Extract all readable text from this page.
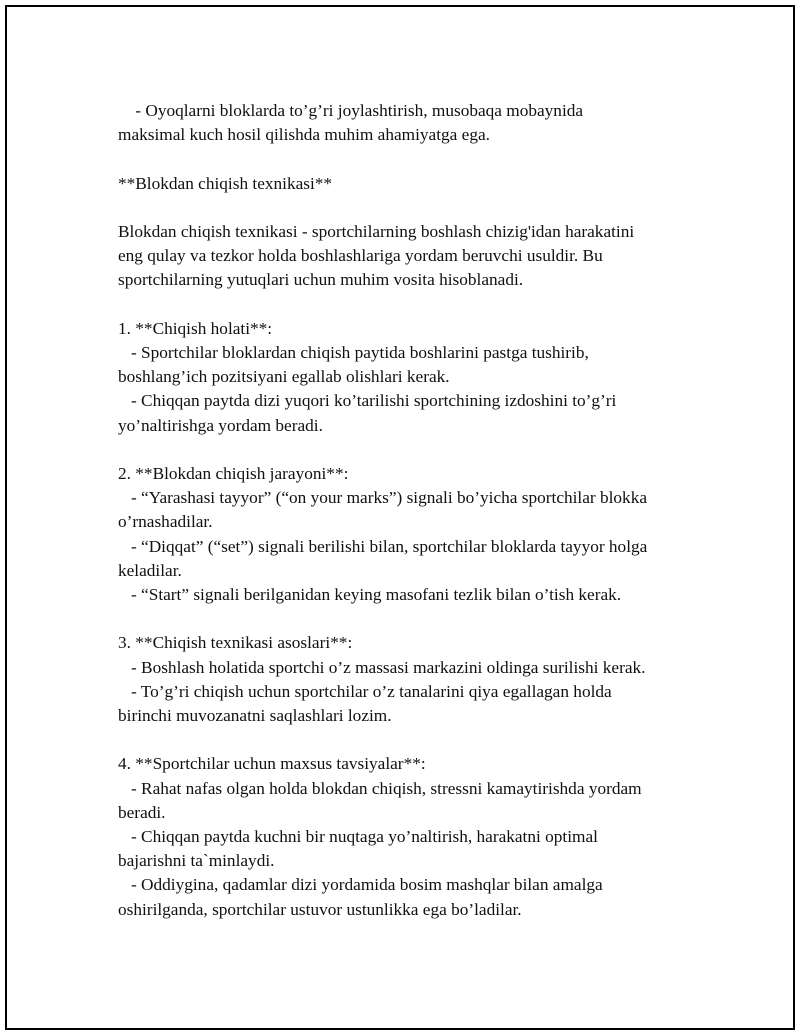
- Oyoqlarni bloklarda to’g’ri joylashtirish, musobaqa mobaynida
maksimal kuch hosil qilishda muhim ahamiyatga ega.
**Blokdan chiqish texnikasi**
Blokdan chiqish texnikasi - sportchilarning boshlash chizig'idan harakatini
eng qulay va tezkor holda boshlashlariga yordam beruvchi usuldir. Bu
sportchilarning yutuqlari uchun muhim vosita hisoblanadi.
1. **Chiqish holati**:
- Sportchilar bloklardan chiqish paytida boshlarini pastga tushirib,
boshlang’ich pozitsiyani egallab olishlari kerak.
- Chiqqan paytda dizi yuqori ko’tarilishi sportchining izdoshini to’g’ri
yo’naltirishga yordam beradi.
2. **Blokdan chiqish jarayoni**:
- “Yarashasi tayyor” (“on your marks”) signali bo’yicha sportchilar blokka
o’rnashadilar.
- “Diqqat” (“set”) signali berilishi bilan, sportchilar bloklarda tayyor holga
keladilar.
- “Start” signali berilganidan keying masofani tezlik bilan o’tish kerak.
3. **Chiqish texnikasi asoslari**:
- Boshlash holatida sportchi o’z massasi markazini oldinga surilishi kerak.
- To’g’ri chiqish uchun sportchilar o’z tanalarini qiya egallagan holda
birinchi muvozanatni saqlashlari lozim.
4. **Sportchilar uchun maxsus tavsiyalar**:
- Rahat nafas olgan holda blokdan chiqish, stressni kamaytirishda yordam
beradi.
- Chiqqan paytda kuchni bir nuqtaga yo’naltirish, harakatni optimal
bajarishni ta`minlaydi.
- Oddiygina, qadamlar dizi yordamida bosim mashqlar bilan amalga
oshirilganda, sportchilar ustuvor ustunlikka ega bo’ladilar.
